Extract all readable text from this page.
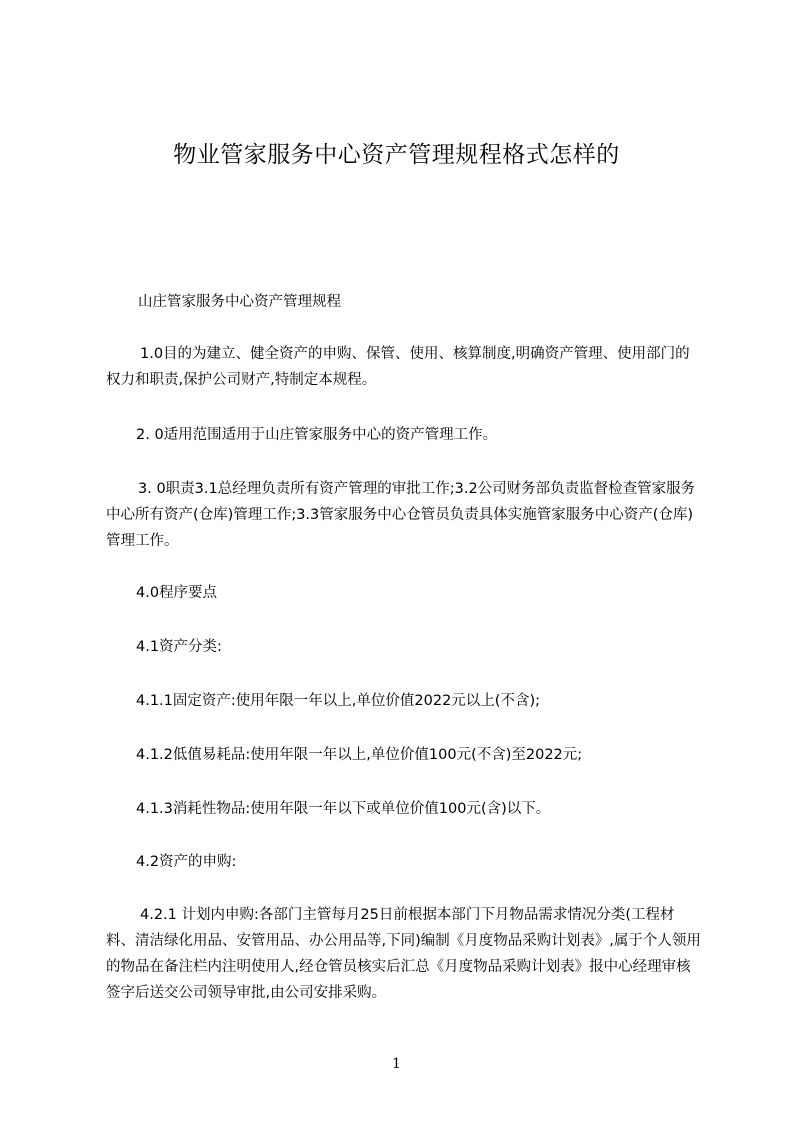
物业管家服务中心资产管理规程格式怎样的

山庄管家服务中心资产管理规程

1.0目的为建立、健全资产的申购、保管、使用、核算制度,明确资产管理、使用部门的权力和职责,保护公司财产,特制定本规程。

2. 0适用范围适用于山庄管家服务中心的资产管理工作。

3. 0职责3.1总经理负责所有资产管理的审批工作;3.2公司财务部负责监督检查管家服务中心所有资产(仓库)管理工作;3.3管家服务中心仓管员负责具体实施管家服务中心资产(仓库)管理工作。

4.0程序要点

4.1资产分类:

4.1.1固定资产:使用年限一年以上,单位价值2022元以上(不含);

4.1.2低值易耗品:使用年限一年以上,单位价值100元(不含)至2022元;

4.1.3消耗性物品:使用年限一年以下或单位价值100元(含)以下。

4.2资产的申购:

4.2.1 计划内申购:各部门主管每月25日前根据本部门下月物品需求情况分类(工程材料、清洁绿化用品、安管用品、办公用品等,下同)编制《月度物品采购计划表》,属于个人领用的物品在备注栏内注明使用人,经仓管员核实后汇总《月度物品采购计划表》报中心经理审核签字后送交公司领导审批,由公司安排采购。

1
